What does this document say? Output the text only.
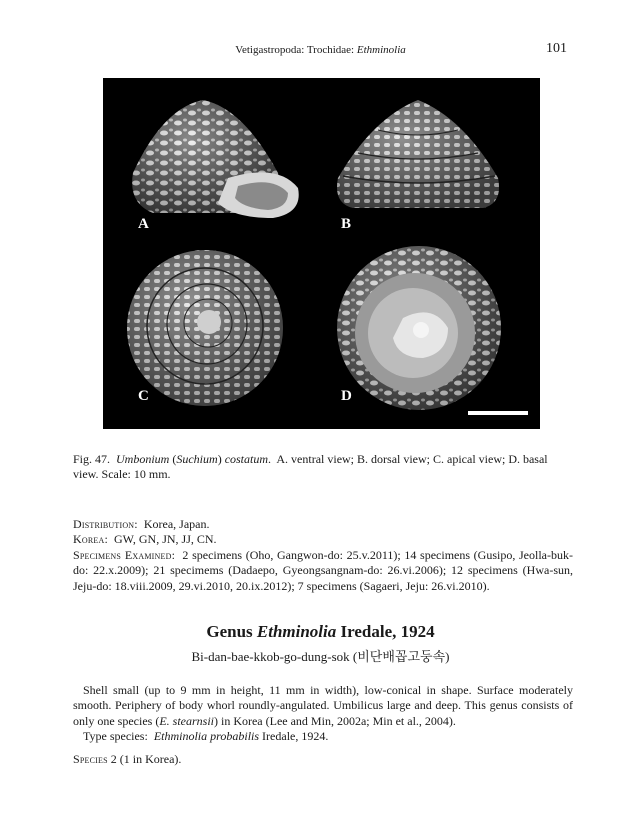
Vetigastropoda: Trochidae: Ethminolia	101
A	B
C	D
Fig. 47. Umbonium (Suchium) costatum.  A. ventral view; B. dorsal view; C. apical view; D. basal view. Scale: 10 mm.

Distribution: Korea, Japan.

Korea: GW, GN, JN, JJ, CN.

Specimens Examined: 2 specimens (Oho, Gangwon-do: 25.v.2011); 14 specimens (Gusipo, Jeolla-buk-do: 22.x.2009); 21 specimems (Dadaepo, Gyeongsangnam-do: 26.vi.2006); 12 specimens (Hwa-sun, Jeju-do: 18.viii.2009, 29.vi.2010, 20.ix.2012); 7 specimens (Sagaeri, Jeju: 26.vi.2010).

Genus Ethminolia Iredale, 1924
Bi-dan-bae-kkob-go-dung-sok (비단배꼽고둥속)

Shell small (up to 9 mm in height, 11 mm in width), low-conical in shape. Surface moderately smooth. Periphery of body whorl roundly-angulated. Umbilicus large and deep. This genus consists of only one species (E. stearnsii) in Korea (Lee and Min, 2002a; Min et al., 2004).

Type species: Ethminolia probabilis Iredale, 1924.

Species 2 (1 in Korea).
